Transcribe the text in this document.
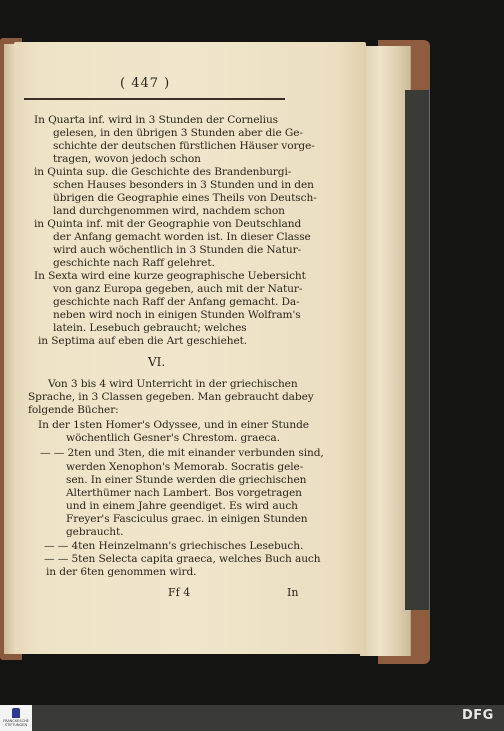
( 447 )
In Quarta inf. wird in 3 Stunden der Cornelius
gelesen, in den übrigen 3 Stunden aber die Ge-
schichte der deutschen fürstlichen Häuser vorge-
tragen, wovon jedoch schon
in Quinta sup. die Geschichte des Brandenburgi-
schen Hauses besonders in 3 Stunden und in den
übrigen die Geographie eines Theils von Deutsch-
land durchgenommen wird, nachdem schon
in Quinta inf. mit der Geographie von Deutschland
der Anfang gemacht worden ist. In dieser Classe
wird auch wöchentlich in 3 Stunden die Natur-
geschichte nach Raff gelehret.
In Sexta wird eine kurze geographische Uebersicht
von ganz Europa gegeben, auch mit der Natur-
geschichte nach Raff der Anfang gemacht. Da-
neben wird noch in einigen Stunden Wolfram's
latein. Lesebuch gebraucht; welches
in Septima auf eben die Art geschiehet.
VI.
Von 3 bis 4 wird Unterricht in der griechischen
Sprache, in 3 Classen gegeben. Man gebraucht dabey
folgende Bücher:
In der 1sten Homer's Odyssee, und in einer Stunde
wöchentlich Gesner's Chrestom. graeca.
— — 2ten und 3ten, die mit einander verbunden sind,
werden Xenophon's Memorab. Socratis gele-
sen. In einer Stunde werden die griechischen
Alterthümer nach Lambert. Bos vorgetragen
und in einem Jahre geendiget. Es wird auch
Freyer's Fasciculus graec. in einigen Stunden
gebraucht.
— — 4ten Heinzelmann's griechisches Lesebuch.
— — 5ten Selecta capita graeca, welches Buch auch
in der 6ten genommen wird.
Ff 4	In
FRANCKESCHE STIFTUNGEN
DFG
